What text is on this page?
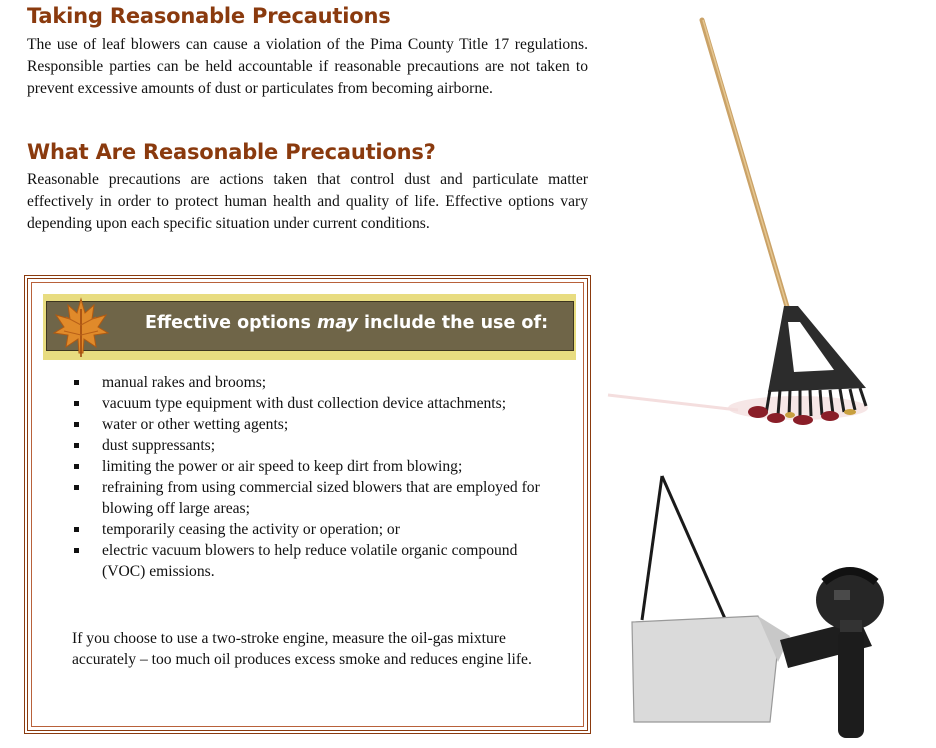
Taking Reasonable Precautions

The use of leaf blowers can cause a violation of the Pima County Title 17 regulations. Responsible parties can be held accountable if reasonable precautions are not taken to prevent excessive amounts of dust or particulates from becoming airborne.

What Are Reasonable Precautions?

Reasonable precautions are actions taken that control dust and particulate matter effectively in order to protect human health and quality of life. Effective options vary depending upon each specific situation under current conditions.

Effective options may include the use of:

manual rakes and brooms;
vacuum type equipment with dust collection device attachments;
water or other wetting agents;
dust suppressants;
limiting the power or air speed to keep dirt from blowing;
refraining from using commercial sized blowers that are employed for blowing off large areas;
temporarily ceasing the activity or operation; or
electric vacuum blowers to help reduce volatile organic compound (VOC) emissions.

If you choose to use a two-stroke engine, measure the oil-gas mixture accurately – too much oil produces excess smoke and reduces engine life.
